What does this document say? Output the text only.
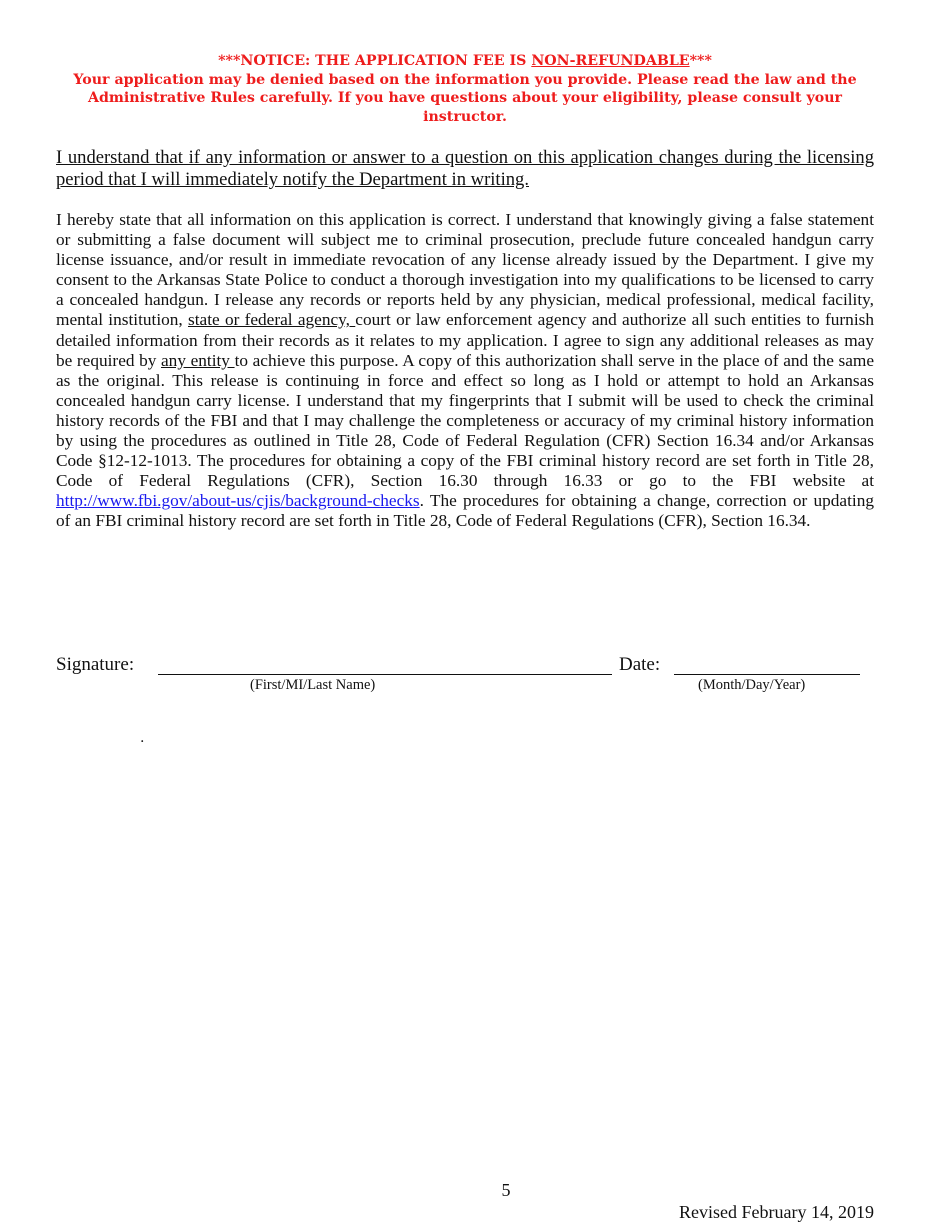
***NOTICE: THE APPLICATION FEE IS NON-REFUNDABLE***
Your application may be denied based on the information you provide. Please read the law and the Administrative Rules carefully. If you have questions about your eligibility, please consult your instructor.
I understand that if any information or answer to a question on this application changes during the licensing period that I will immediately notify the Department in writing.
I hereby state that all information on this application is correct. I understand that knowingly giving a false statement or submitting a false document will subject me to criminal prosecution, preclude future concealed handgun carry license issuance, and/or result in immediate revocation of any license already issued by the Department. I give my consent to the Arkansas State Police to conduct a thorough investigation into my qualifications to be licensed to carry a concealed handgun. I release any records or reports held by any physician, medical professional, medical facility, mental institution, state or federal agency, court or law enforcement agency and authorize all such entities to furnish detailed information from their records as it relates to my application. I agree to sign any additional releases as may be required by any entity to achieve this purpose. A copy of this authorization shall serve in the place of and the same as the original. This release is continuing in force and effect so long as I hold or attempt to hold an Arkansas concealed handgun carry license. I understand that my fingerprints that I submit will be used to check the criminal history records of the FBI and that I may challenge the completeness or accuracy of my criminal history information by using the procedures as outlined in Title 28, Code of Federal Regulation (CFR) Section 16.34 and/or Arkansas Code §12-12-1013. The procedures for obtaining a copy of the FBI criminal history record are set forth in Title 28, Code of Federal Regulations (CFR), Section 16.30 through 16.33 or go to the FBI website at http://www.fbi.gov/about-us/cjis/background-checks. The procedures for obtaining a change, correction or updating of an FBI criminal history record are set forth in Title 28, Code of Federal Regulations (CFR), Section 16.34.
Signature:	Date:
(First/MI/Last Name)	(Month/Day/Year)
.
5
Revised February 14, 2019
